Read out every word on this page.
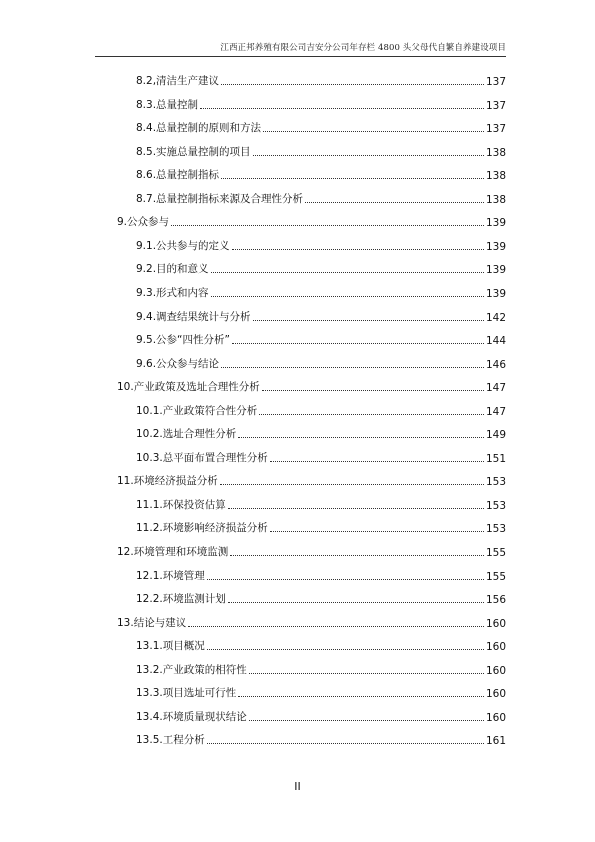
江西正邦养殖有限公司吉安分公司年存栏 4800 头父母代自繁自养建设项目
8.2,清洁生产建议	137
8.3.总量控制	137
8.4.总量控制的原则和方法	137
8.5.实施总量控制的项目	138
8.6.总量控制指标	138
8.7.总量控制指标来源及合理性分析	138
9.公众参与	139
9.1.公共参与的定义	139
9.2.目的和意义	139
9.3.形式和内容	139
9.4.调查结果统计与分析	142
9.5.公参“四性分析”	144
9.6.公众参与结论	146
10.产业政策及选址合理性分析	147
10.1.产业政策符合性分析	147
10.2.选址合理性分析	149
10.3.总平面布置合理性分析	151
11.环境经济损益分析	153
11.1.环保投资估算	153
11.2.环境影响经济损益分析	153
12.环境管理和环境监测	155
12.1.环境管理	155
12.2.环境监测计划	156
13.结论与建议	160
13.1.项目概况	160
13.2.产业政策的相符性	160
13.3.项目选址可行性	160
13.4.环境质量现状结论	160
13.5.工程分析	161
II
